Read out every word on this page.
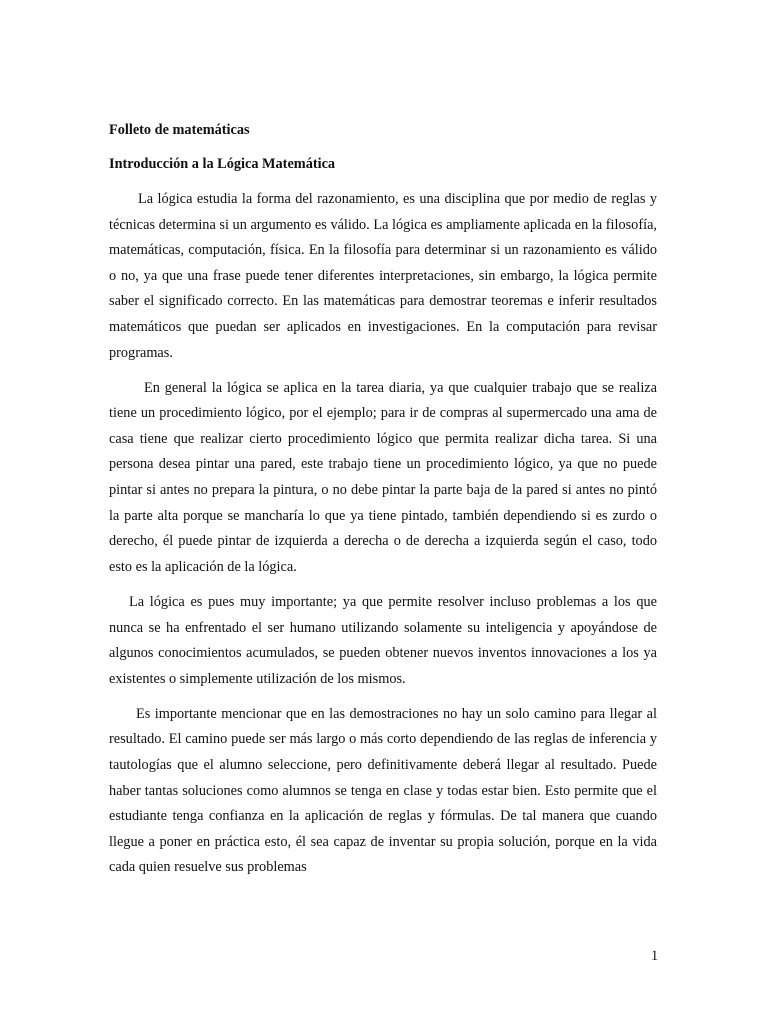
Folleto de matemáticas

Introducción a la Lógica Matemática

La lógica estudia la forma del razonamiento, es una disciplina que por medio de reglas y técnicas determina si un argumento es válido. La lógica es ampliamente aplicada en la filosofía, matemáticas, computación, física. En la filosofía para determinar si un razonamiento es válido o no, ya que una frase puede tener diferentes interpretaciones, sin embargo, la lógica permite saber el significado correcto. En las matemáticas para demostrar teoremas e inferir resultados matemáticos que puedan ser aplicados en investigaciones. En la computación para revisar programas.

En general la lógica se aplica en la tarea diaria, ya que cualquier trabajo que se realiza tiene un procedimiento lógico, por el ejemplo; para ir de compras al supermercado una ama de casa tiene que realizar cierto procedimiento lógico que permita realizar dicha tarea. Si una persona desea pintar una pared, este trabajo tiene un procedimiento lógico, ya que no puede pintar si antes no prepara la pintura, o no debe pintar la parte baja de la pared si antes no pintó la parte alta porque se mancharía lo que ya tiene pintado, también dependiendo si es zurdo o derecho, él puede pintar de izquierda a derecha o de derecha a izquierda según el caso, todo esto es la aplicación de la lógica.

La lógica es pues muy importante; ya que permite resolver incluso problemas a los que nunca se ha enfrentado el ser humano utilizando solamente su inteligencia y apoyándose de algunos conocimientos acumulados, se pueden obtener nuevos inventos innovaciones a los ya existentes o simplemente utilización de los mismos.

Es importante mencionar que en las demostraciones no hay un solo camino para llegar al resultado. El camino puede ser más largo o más corto dependiendo de las reglas de inferencia y tautologías que el alumno seleccione, pero definitivamente deberá llegar al resultado. Puede haber tantas soluciones como alumnos se tenga en clase y todas estar bien. Esto permite que el estudiante tenga confianza en la aplicación de reglas y fórmulas. De tal manera que cuando llegue a poner en práctica esto, él sea capaz de inventar su propia solución, porque en la vida cada quien resuelve sus problemas

1
